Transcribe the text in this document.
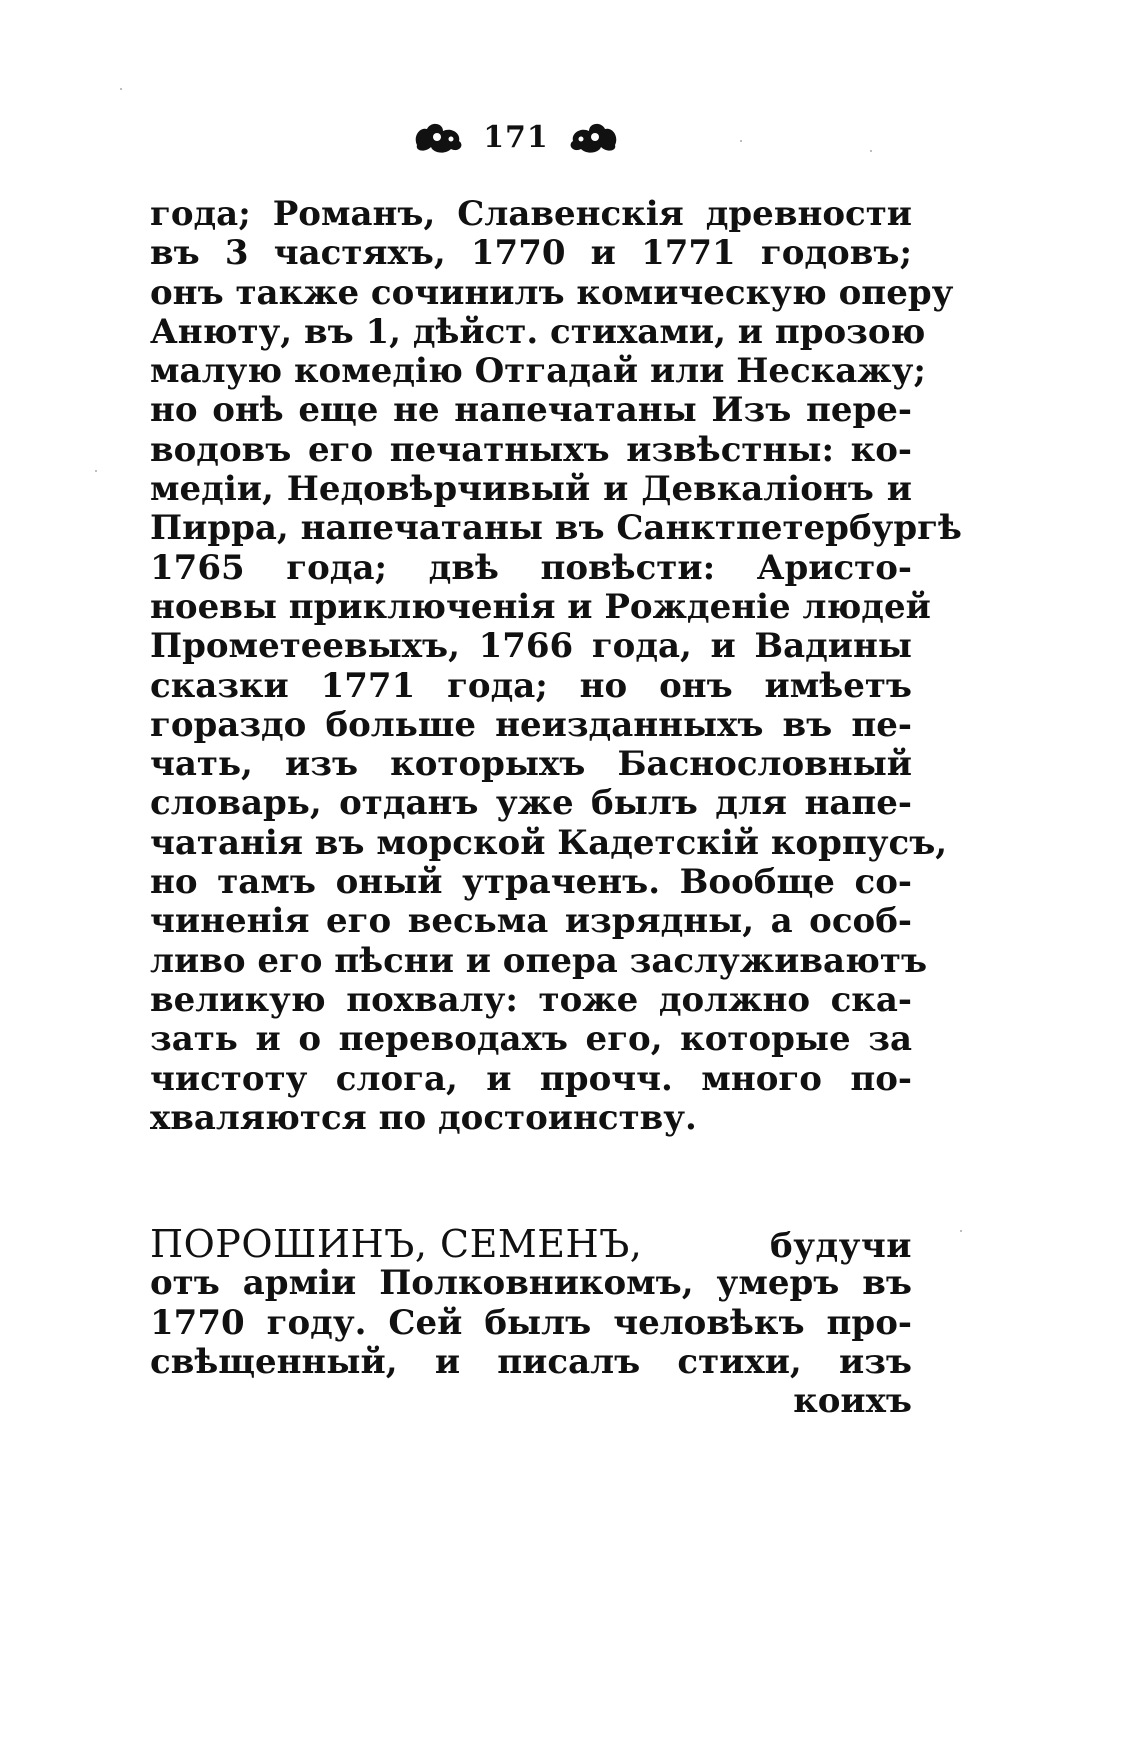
171
года; Романъ, Славенскія древности
въ 3 частяхъ, 1770 и 1771 годовъ;
онъ также сочинилъ комическую оперу
Анюту, въ 1, дѣйст. стихами, и прозою
малую комедію Отгадай или Нескажу;
но онѣ еще не напечатаны Изъ пере-
водовъ его печатныхъ извѣстны: ко-
медіи, Недовѣрчивый и Девкаліонъ и
Пирра, напечатаны въ Санктпетербургѣ
1765 года; двѣ повѣсти: Аристо-
ноевы приключенія и Рожденіе людей
Прометеевыхъ, 1766 года, и Вадины
сказки 1771 года; но онъ имѣетъ
гораздо больше неизданныхъ въ пе-
чать, изъ которыхъ Баснословный
словарь, отданъ уже былъ для напе-
чатанія въ морской Кадетскій корпусъ,
но тамъ оный утраченъ. Вообще со-
чиненія его весьма изрядны, а особ-
ливо его пѣсни и опера заслуживаютъ
великую похвалу: тоже должно ска-
зать и о переводахъ его, которые за
чистоту слога, и прочч. много по-
хваляются по достоинству.
ПОРОШИНЪ, СЕМЕНЪ,	будучи
отъ арміи Полковникомъ, умеръ въ
1770 году. Сей былъ человѣкъ про-
свѣщенный, и писалъ стихи, изъ
коихъ
